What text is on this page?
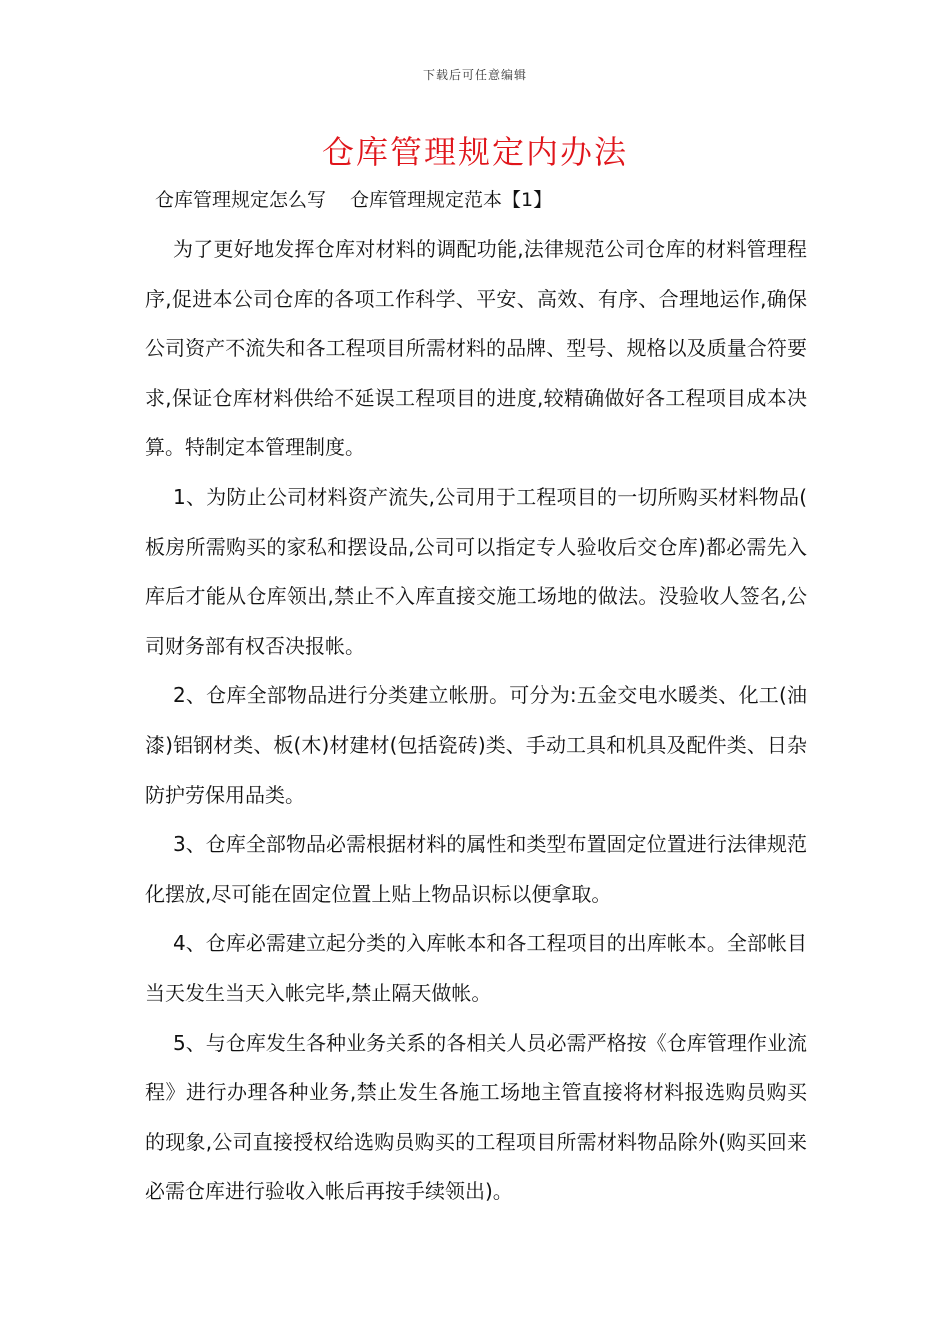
下载后可任意编辑
仓库管理规定内办法
仓库管理规定怎么写 仓库管理规定范本【1】

为了更好地发挥仓库对材料的调配功能,法律规范公司仓库的材料管理程序,促进本公司仓库的各项工作科学、平安、高效、有序、合理地运作,确保公司资产不流失和各工程项目所需材料的品牌、型号、规格以及质量合符要求,保证仓库材料供给不延误工程项目的进度,较精确做好各工程项目成本决算。特制定本管理制度。

1、为防止公司材料资产流失,公司用于工程项目的一切所购买材料物品(板房所需购买的家私和摆设品,公司可以指定专人验收后交仓库)都必需先入库后才能从仓库领出,禁止不入库直接交施工场地的做法。没验收人签名,公司财务部有权否决报帐。

2、仓库全部物品进行分类建立帐册。可分为:五金交电水暖类、化工(油漆)铝钢材类、板(木)材建材(包括瓷砖)类、手动工具和机具及配件类、日杂防护劳保用品类。

3、仓库全部物品必需根据材料的属性和类型布置固定位置进行法律规范化摆放,尽可能在固定位置上贴上物品识标以便拿取。

4、仓库必需建立起分类的入库帐本和各工程项目的出库帐本。全部帐目当天发生当天入帐完毕,禁止隔天做帐。

5、与仓库发生各种业务关系的各相关人员必需严格按《仓库管理作业流程》进行办理各种业务,禁止发生各施工场地主管直接将材料报选购员购买的现象,公司直接授权给选购员购买的工程项目所需材料物品除外(购买回来必需仓库进行验收入帐后再按手续领出)。
